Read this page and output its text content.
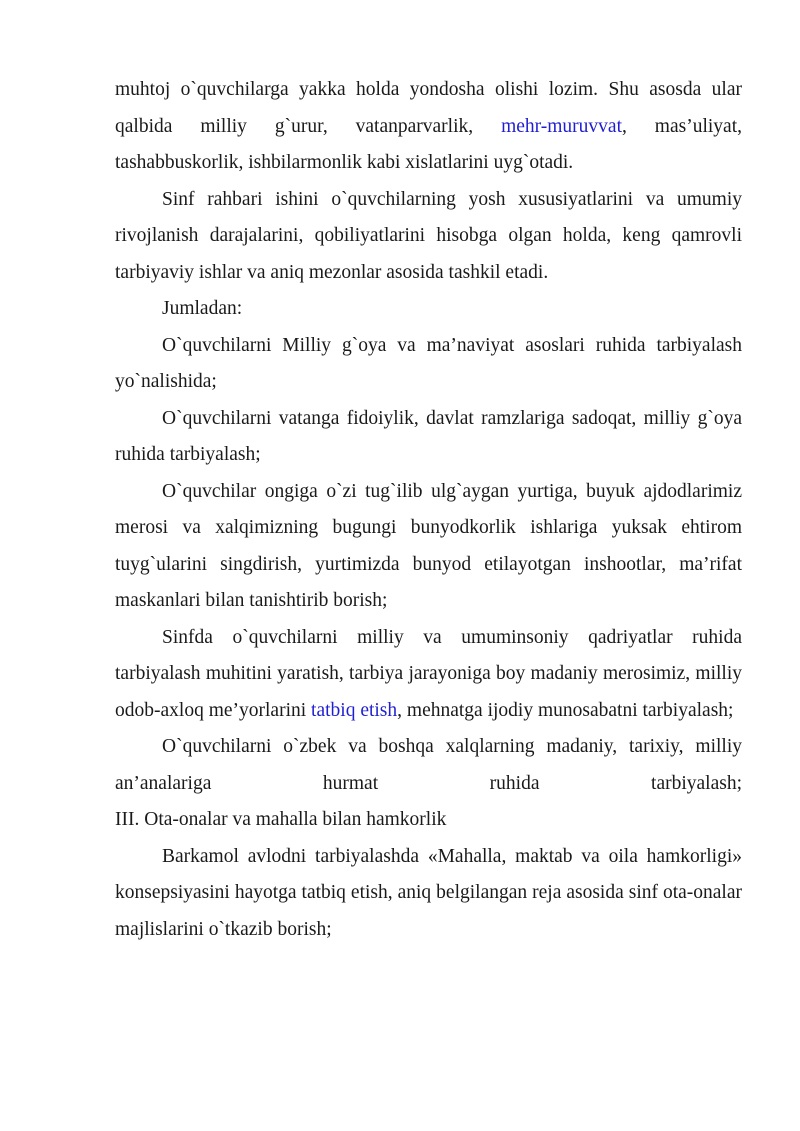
muhtoj o`quvchilarga yakka holda yondosha olishi lozim. Shu asosda ular qalbida milliy g`urur, vatanparvarlik, mehr-muruvvat, mas’uliyat, tashabbuskorlik, ishbilarmonlik kabi xislatlarini uyg`otadi.

Sinf rahbari ishini o`quvchilarning yosh xususiyatlarini va umumiy rivojlanish darajalarini, qobiliyatlarini hisobga olgan holda, keng qamrovli tarbiyaviy ishlar va aniq mezonlar asosida tashkil etadi.

Jumladan:

O`quvchilarni Milliy g`oya va ma’naviyat asoslari ruhida tarbiyalash yo`nalishida;

O`quvchilarni vatanga fidoiylik, davlat ramzlariga sadoqat, milliy g`oya ruhida tarbiyalash;

O`quvchilar ongiga o`zi tug`ilib ulg`aygan yurtiga, buyuk ajdodlarimiz merosi va xalqimizning bugungi bunyodkorlik ishlariga yuksak ehtirom tuyg`ularini singdirish, yurtimizda bunyod etilayotgan inshootlar, ma’rifat maskanlari bilan tanishtirib borish;

Sinfda o`quvchilarni milliy va umuminsoniy qadriyatlar ruhida tarbiyalash muhitini yaratish, tarbiya jarayoniga boy madaniy merosimiz, milliy odob-axloq me’yorlarini tatbiq etish, mehnatga ijodiy munosabatni tarbiyalash;

O`quvchilarni o`zbek va boshqa xalqlarning madaniy, tarixiy, milliy an’analariga hurmat ruhida tarbiyalash;

III. Ota-onalar va mahalla bilan hamkorlik

Barkamol avlodni tarbiyalashda «Mahalla, maktab va oila hamkorligi» konsepsiyasini hayotga tatbiq etish, aniq belgilangan reja asosida sinf ota-onalar majlislarini o`tkazib borish;
